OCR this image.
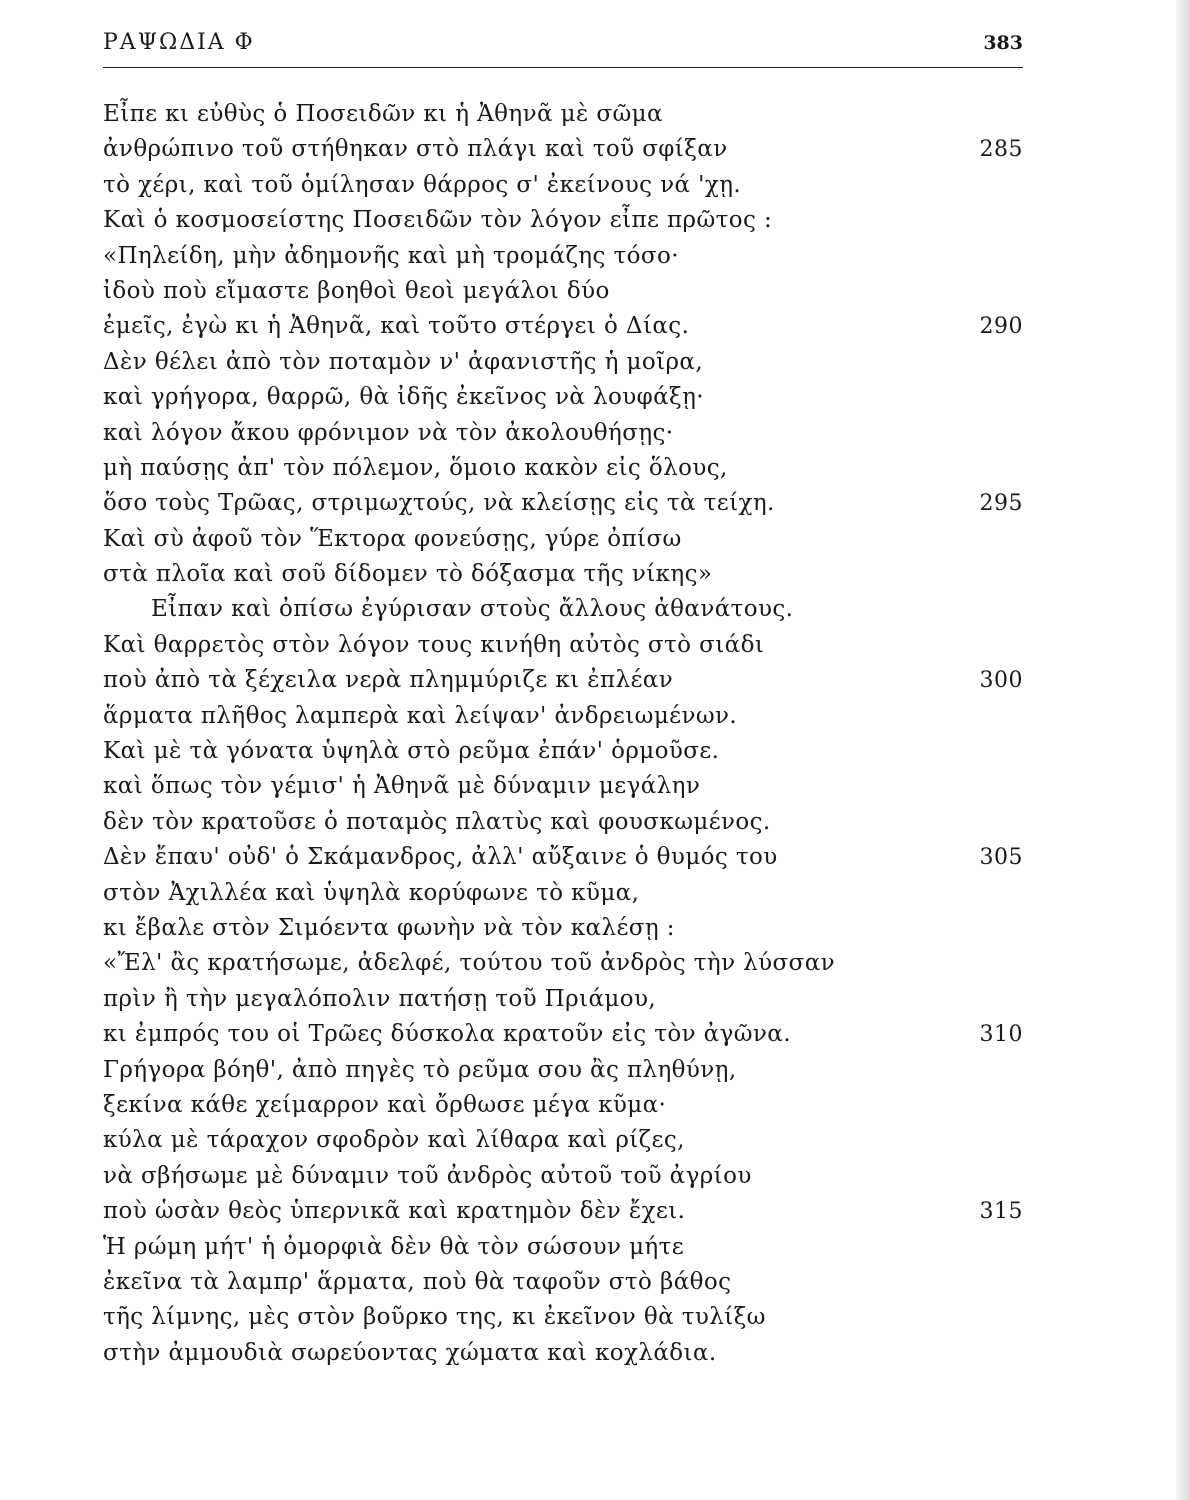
ΡΑΨΩΔΙΑ Φ	383
Εἶπε κι εὐθὺς ὁ Ποσειδῶν κι ἡ Ἀθηνᾶ μὲ σῶμα
ἀνθρώπινο τοῦ στήθηκαν στὸ πλάγι καὶ τοῦ σφίξαν	285
τὸ χέρι, καὶ τοῦ ὁμίλησαν θάρρος σ' ἐκείνους νά 'χῃ.
Καὶ ὁ κοσμοσείστης Ποσειδῶν τὸν λόγον εἶπε πρῶτος :
«Πηλείδη, μὴν ἀδημονῆς καὶ μὴ τρομάζης τόσο·
ἰδοὺ ποὺ εἴμαστε βοηθοὶ θεοὶ μεγάλοι δύο
ἐμεῖς, ἐγὼ κι ἡ Ἀθηνᾶ, καὶ τοῦτο στέργει ὁ Δίας.	290
Δὲν θέλει ἀπὸ τὸν ποταμὸν ν' ἀφανιστῆς ἡ μοῖρα,
καὶ γρήγορα, θαρρῶ, θὰ ἰδῆς ἐκεῖνος νὰ λουφάξῃ·
καὶ λόγον ἄκου φρόνιμον νὰ τὸν ἀκολουθήσῃς·
μὴ παύσῃς ἀπ' τὸν πόλεμον, ὅμοιο κακὸν εἰς ὅλους,
ὅσο τοὺς Τρῶας, στριμωχτούς, νὰ κλείσῃς εἰς τὰ τείχη.	295
Καὶ σὺ ἀφοῦ τὸν Ἕκτορα φονεύσῃς, γύρε ὀπίσω
στὰ πλοῖα καὶ σοῦ δίδομεν τὸ δόξασμα τῆς νίκης»
Εἶπαν καὶ ὀπίσω ἐγύρισαν στοὺς ἄλλους ἀθανάτους.
Καὶ θαρρετὸς στὸν λόγον τους κινήθη αὐτὸς στὸ σιάδι
ποὺ ἀπὸ τὰ ξέχειλα νερὰ πλημμύριζε κι ἐπλέαν	300
ἅρματα πλῆθος λαμπερὰ καὶ λείψαν' ἀνδρειωμένων.
Καὶ μὲ τὰ γόνατα ὑψηλὰ στὸ ρεῦμα ἐπάν' ὁρμοῦσε.
καὶ ὅπως τὸν γέμισ' ἡ Ἀθηνᾶ μὲ δύναμιν μεγάλην
δὲν τὸν κρατοῦσε ὁ ποταμὸς πλατὺς καὶ φουσκωμένος.
Δὲν ἔπαυ' οὐδ' ὁ Σκάμανδρος, ἀλλ' αὔξαινε ὁ θυμός του	305
στὸν Ἀχιλλέα καὶ ὑψηλὰ κορύφωνε τὸ κῦμα,
κι ἔβαλε στὸν Σιμόεντα φωνὴν νὰ τὸν καλέσῃ :
«Ἔλ' ἂς κρατήσωμε, ἀδελφέ, τούτου τοῦ ἀνδρὸς τὴν λύσσαν
πρὶν ἢ τὴν μεγαλόπολιν πατήσῃ τοῦ Πριάμου,
κι ἐμπρός του οἱ Τρῶες δύσκολα κρατοῦν εἰς τὸν ἀγῶνα.	310
Γρήγορα βόηθ', ἀπὸ πηγὲς τὸ ρεῦμα σου ἂς πληθύνῃ,
ξεκίνα κάθε χείμαρρον καὶ ὄρθωσε μέγα κῦμα·
κύλα μὲ τάραχον σφοδρὸν καὶ λίθαρα καὶ ρίζες,
νὰ σβήσωμε μὲ δύναμιν τοῦ ἀνδρὸς αὐτοῦ τοῦ ἀγρίου
ποὺ ὡσὰν θεὸς ὑπερνικᾶ καὶ κρατημὸν δὲν ἔχει.	315
Ἡ ρώμη μήτ' ἡ ὀμορφιὰ δὲν θὰ τὸν σώσουν μήτε
ἐκεῖνα τὰ λαμπρ' ἅρματα, ποὺ θὰ ταφοῦν στὸ βάθος
τῆς λίμνης, μὲς στὸν βοῦρκο της, κι ἐκεῖνον θὰ τυλίξω
στὴν ἀμμουδιὰ σωρεύοντας χώματα καὶ κοχλάδια.
